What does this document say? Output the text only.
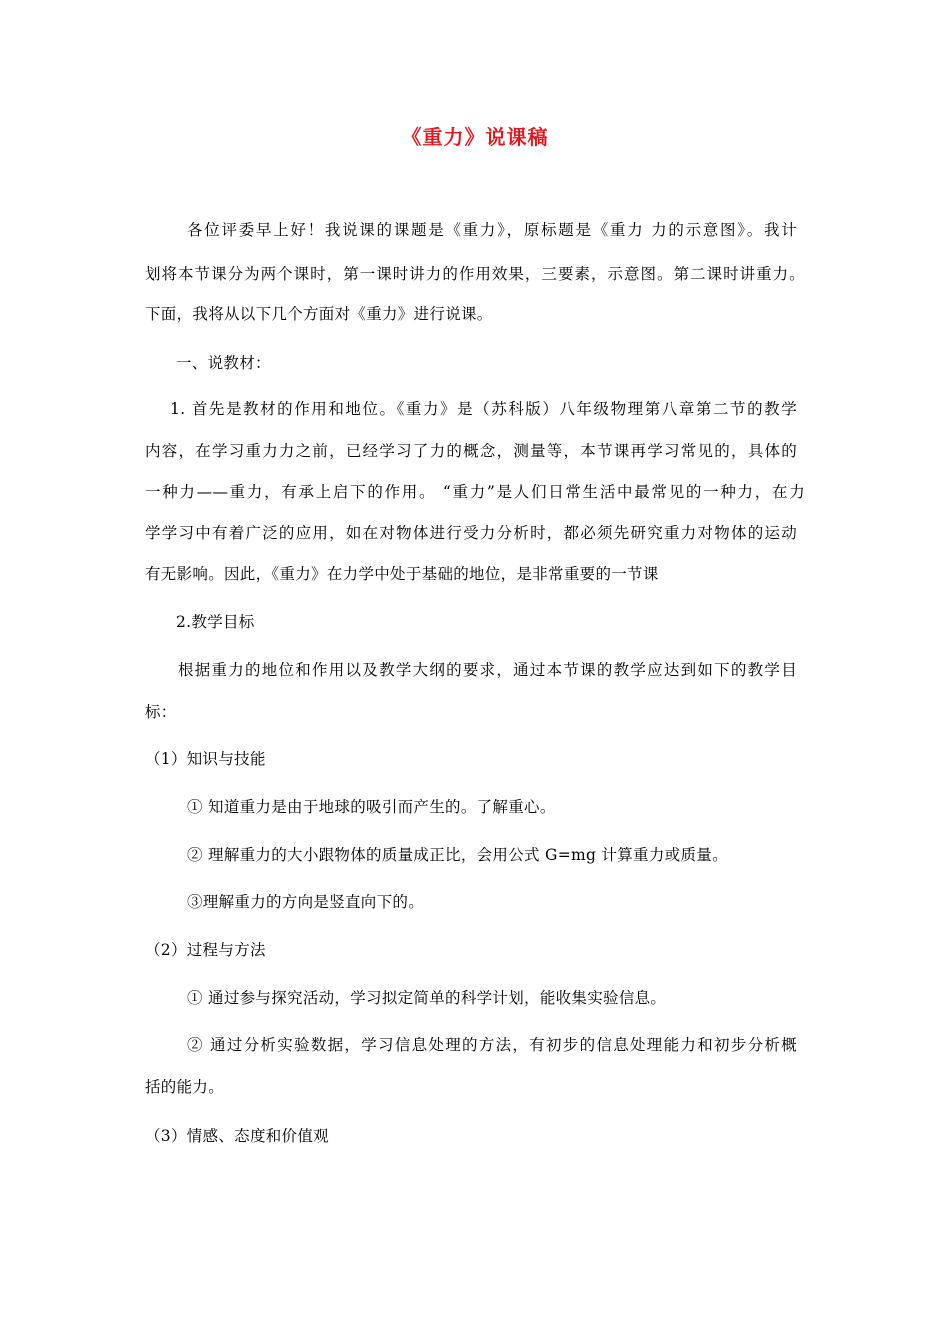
《重力》说课稿
各位评委早上好！我说课的课题是《重力》，原标题是《重力 力的示意图》。我计
划将本节课分为两个课时，第一课时讲力的作用效果，三要素，示意图。第二课时讲重力。
下面，我将从以下几个方面对《重力》进行说课。
一、说教材：
1. 首先是教材的作用和地位。《重力》是（苏科版）八年级物理第八章第二节的教学
内容，在学习重力力之前，已经学习了力的概念，测量等，本节课再学习常见的，具体的
一种力——重力，有承上启下的作用。 “重力”是人们日常生活中最常见的一种力，在力
学学习中有着广泛的应用，如在对物体进行受力分析时，都必须先研究重力对物体的运动
有无影响。因此，《重力》在力学中处于基础的地位，是非常重要的一节课
2.教学目标
根据重力的地位和作用以及教学大纲的要求，通过本节课的教学应达到如下的教学目
标：
（1）知识与技能
① 知道重力是由于地球的吸引而产生的。了解重心。
② 理解重力的大小跟物体的质量成正比，会用公式 G=mg 计算重力或质量。
③理解重力的方向是竖直向下的。
（2）过程与方法
① 通过参与探究活动，学习拟定简单的科学计划，能收集实验信息。
② 通过分析实验数据，学习信息处理的方法，有初步的信息处理能力和初步分析概
括的能力。
（3）情感、态度和价值观
